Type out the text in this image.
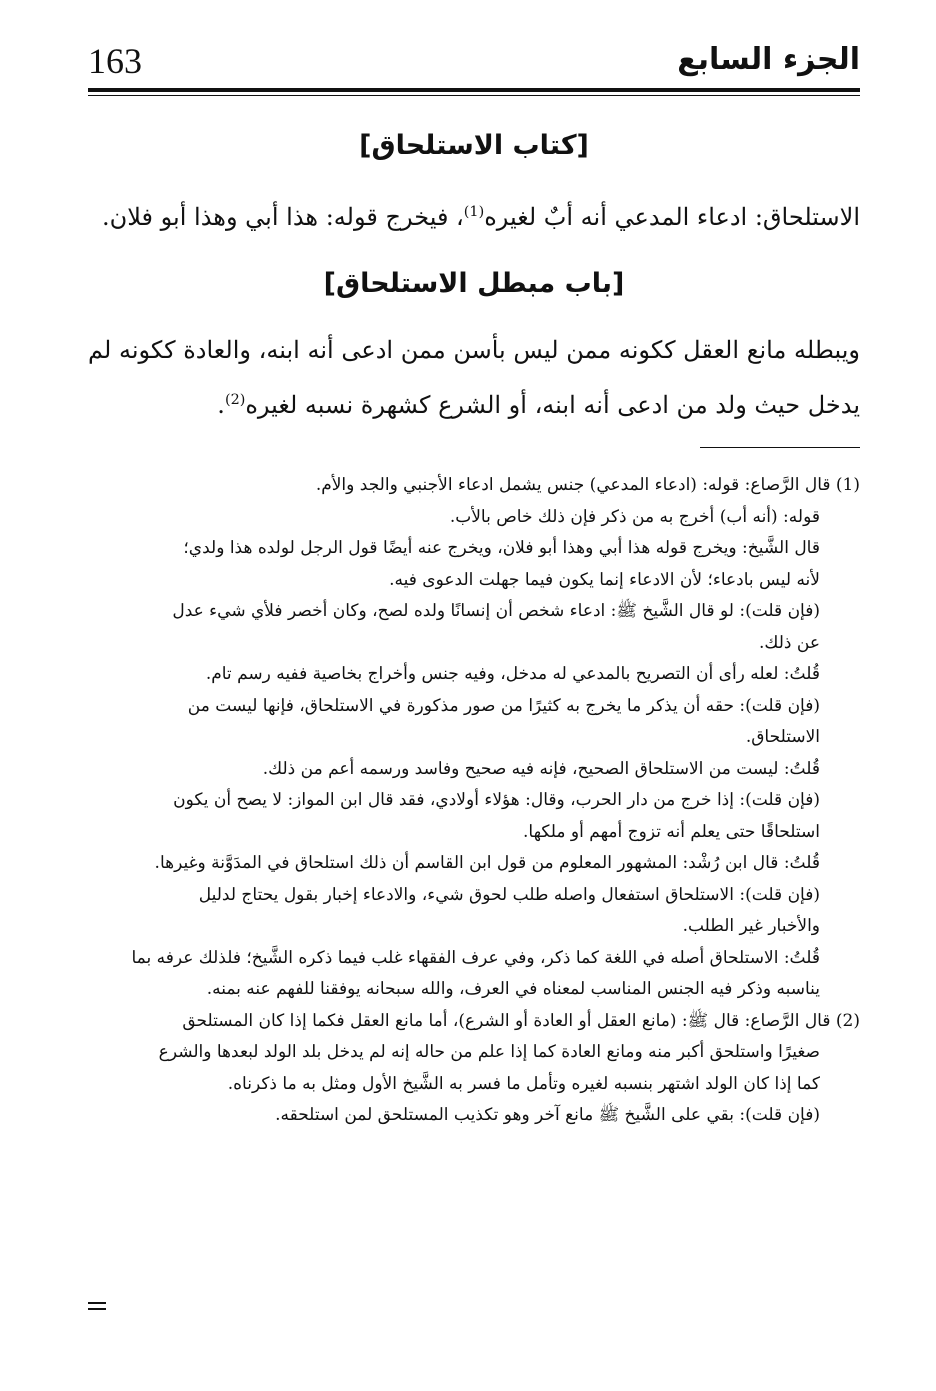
163	الجزء السابع
[كتاب الاستلحاق]
الاستلحاق: ادعاء المدعي أنه أبٌ لغيره$^{(1)}$، فيخرج قوله: هذا أبي وهذا أبو فلان.
[باب مبطل الاستلحاق]
ويبطله مانع العقل ككونه ممن ليس بأسن ممن ادعى أنه ابنه، والعادة ككونه لم يدخل حيث ولد من ادعى أنه ابنه، أو الشرع كشهرة نسبه لغيره$^{(2)}$.
(1) قال الرَّصاع: قوله: (ادعاء المدعي) جنس يشمل ادعاء الأجنبي والجد والأم.
قوله: (أنه أب) أخرج به من ذكر فإن ذلك خاص بالأب.
قال الشَّيخ: ويخرج قوله هذا أبي وهذا أبو فلان، ويخرج عنه أيضًا قول الرجل لولده هذا ولدي؛
لأنه ليس بادعاء؛ لأن الادعاء إنما يكون فيما جهلت الدعوى فيه.
(فإن قلت): لو قال الشَّيخ ﷺ: ادعاء شخص أن إنسانًا ولده لصح، وكان أخصر فلأي شيء عدل
عن ذلك.
قُلتُ: لعله رأى أن التصريح بالمدعي له مدخل، وفيه جنس وأخراج بخاصية ففيه رسم تام.
(فإن قلت): حقه أن يذكر ما يخرج به كثيرًا من صور مذكورة في الاستلحاق، فإنها ليست من
الاستلحاق.
قُلتُ: ليست من الاستلحاق الصحيح، فإنه فيه صحيح وفاسد ورسمه أعم من ذلك.
(فإن قلت): إذا خرج من دار الحرب، وقال: هؤلاء أولادي، فقد قال ابن المواز: لا يصح أن يكون
استلحاقًا حتى يعلم أنه تزوج أمهم أو ملكها.
قُلتُ: قال ابن رُشْد: المشهور المعلوم من قول ابن القاسم أن ذلك استلحاق في المدَوَّنة وغيرها.
(فإن قلت): الاستلحاق استفعال واصله طلب لحوق شيء، والادعاء إخبار بقول يحتاج لدليل
والأخبار غير الطلب.
قُلتُ: الاستلحاق أصله في اللغة كما ذكر، وفي عرف الفقهاء غلب فيما ذكره الشَّيخ؛ فلذلك عرفه بما
يناسبه وذكر فيه الجنس المناسب لمعناه في العرف، والله سبحانه يوفقنا للفهم عنه بمنه.
(2) قال الرَّصاع: قال ﷺ: (مانع العقل أو العادة أو الشرع)، أما مانع العقل فكما إذا كان المستلحق
صغيرًا واستلحق أكبر منه ومانع العادة كما إذا علم من حاله إنه لم يدخل بلد الولد لبعدها والشرع
كما إذا كان الولد اشتهر بنسبه لغيره وتأمل ما فسر به الشَّيخ الأول ومثل به ما ذكرناه.
(فإن قلت): بقي على الشَّيخ ﷺ مانع آخر وهو تكذيب المستلحق لمن استلحقه.
